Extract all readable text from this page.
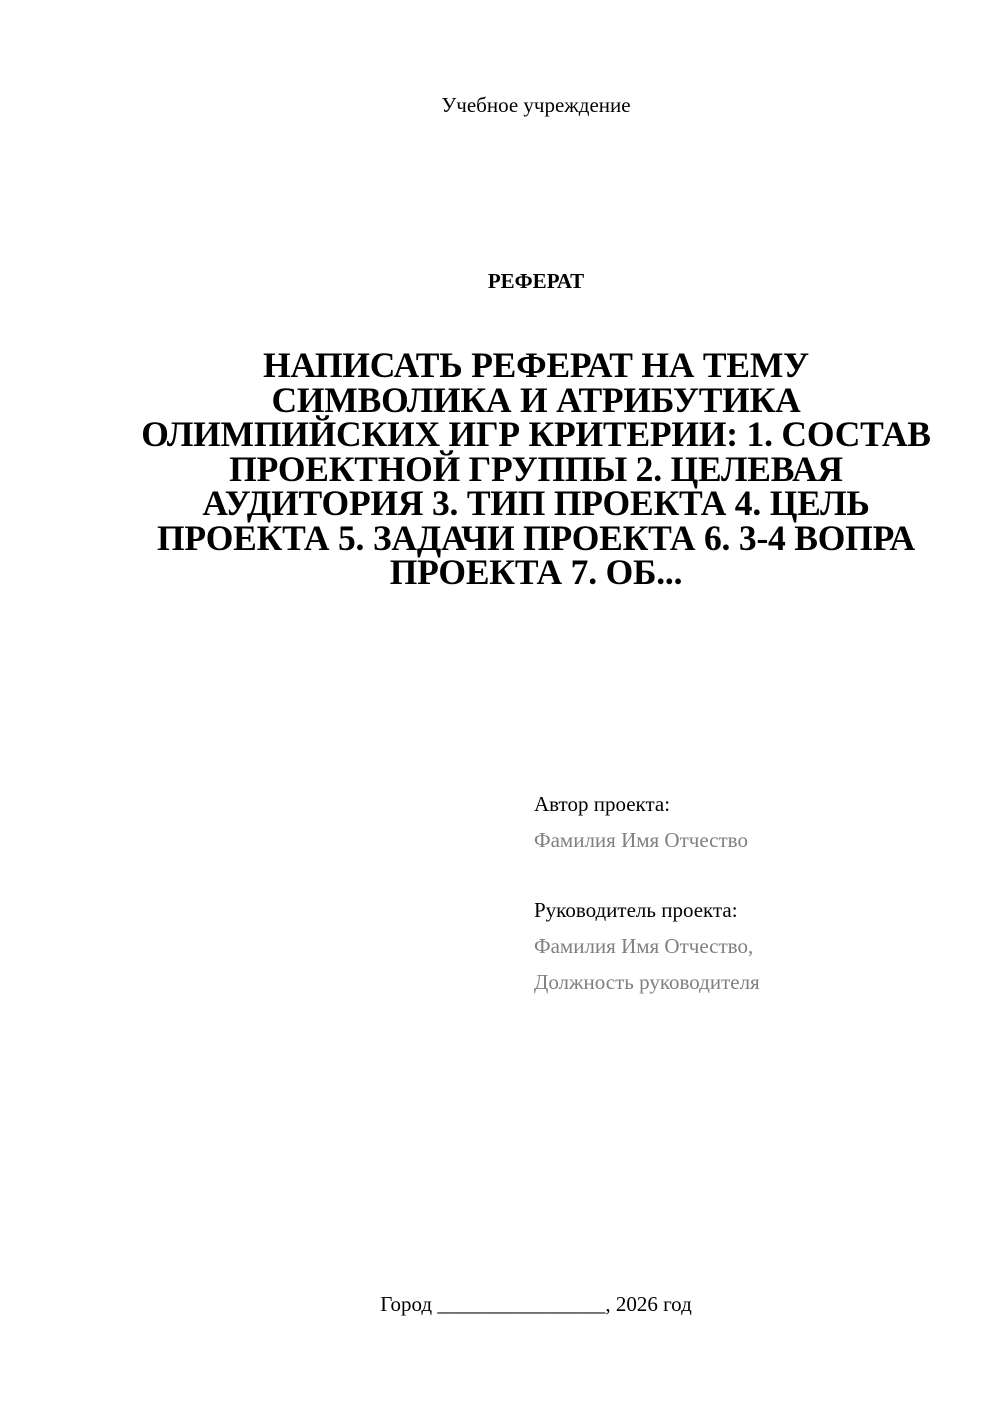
Учебное учреждение
РЕФЕРАТ
НАПИСАТЬ РЕФЕРАТ НА ТЕМУ СИМВОЛИКА И АТРИБУТИКА ОЛИМПИЙСКИХ ИГР КРИТЕРИИ: 1. СОСТАВ ПРОЕКТНОЙ ГРУППЫ 2. ЦЕЛЕВАЯ АУДИТОРИЯ 3. ТИП ПРОЕКТА 4. ЦЕЛЬ ПРОЕКТА 5. ЗАДАЧИ ПРОЕКТА 6. 3-4 ВОПРА ПРОЕКТА 7. ОБ...
Автор проекта:
Фамилия Имя Отчество
Руководитель проекта:
Фамилия Имя Отчество,
Должность руководителя
Город ________________, 2026 год
